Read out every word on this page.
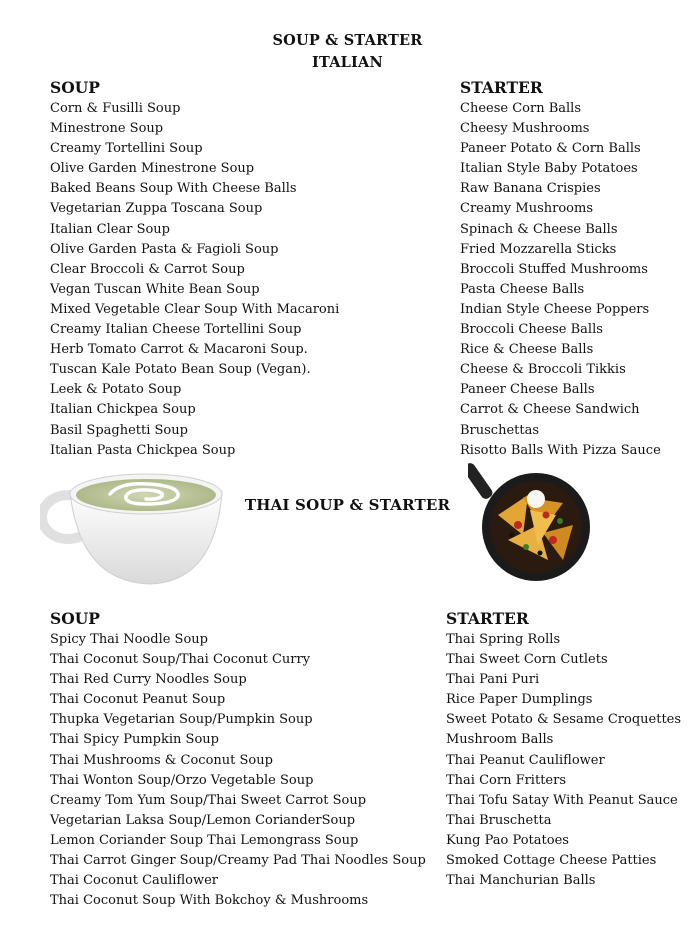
SOUP & STARTER
ITALIAN
SOUP
Corn & Fusilli Soup
Minestrone Soup
Creamy Tortellini Soup
Olive Garden Minestrone Soup
Baked Beans Soup With Cheese Balls
Vegetarian Zuppa Toscana Soup
Italian Clear Soup
Olive Garden Pasta & Fagioli Soup
Clear Broccoli & Carrot Soup
Vegan Tuscan White Bean Soup
Mixed Vegetable Clear Soup With Macaroni
Creamy Italian Cheese Tortellini Soup
Herb Tomato Carrot & Macaroni Soup.
Tuscan Kale Potato Bean Soup (Vegan).
Leek & Potato Soup
Italian Chickpea Soup
Basil Spaghetti Soup
Italian Pasta Chickpea Soup
STARTER
Cheese Corn Balls
Cheesy Mushrooms
Paneer Potato & Corn Balls
Italian Style Baby Potatoes
Raw Banana Crispies
Creamy Mushrooms
Spinach & Cheese Balls
Fried Mozzarella Sticks
Broccoli Stuffed Mushrooms
Pasta Cheese Balls
Indian Style Cheese Poppers
Broccoli Cheese Balls
Rice & Cheese Balls
Cheese & Broccoli Tikkis
Paneer Cheese Balls
Carrot & Cheese Sandwich
Bruschettas
Risotto Balls With Pizza Sauce
THAI SOUP & STARTER
SOUP
Spicy Thai Noodle Soup
Thai Coconut Soup/Thai Coconut Curry
Thai Red Curry Noodles Soup
Thai Coconut Peanut Soup
Thupka Vegetarian Soup/Pumpkin Soup
Thai Spicy Pumpkin Soup
Thai Mushrooms & Coconut Soup
Thai Wonton Soup/Orzo Vegetable Soup
Creamy Tom Yum Soup/Thai Sweet Carrot Soup
Vegetarian Laksa Soup/Lemon CorianderSoup
Lemon Coriander Soup Thai Lemongrass Soup
Thai Carrot Ginger Soup/Creamy Pad Thai Noodles Soup
Thai Coconut Cauliflower
Thai Coconut Soup With Bokchoy & Mushrooms
STARTER
Thai Spring Rolls
Thai Sweet Corn Cutlets
Thai Pani Puri
Rice Paper Dumplings
Sweet Potato & Sesame Croquettes
Mushroom Balls
Thai Peanut Cauliflower
Thai Corn Fritters
Thai Tofu Satay With Peanut Sauce
Thai Bruschetta
Kung Pao Potatoes
Smoked Cottage Cheese Patties
Thai Manchurian Balls
